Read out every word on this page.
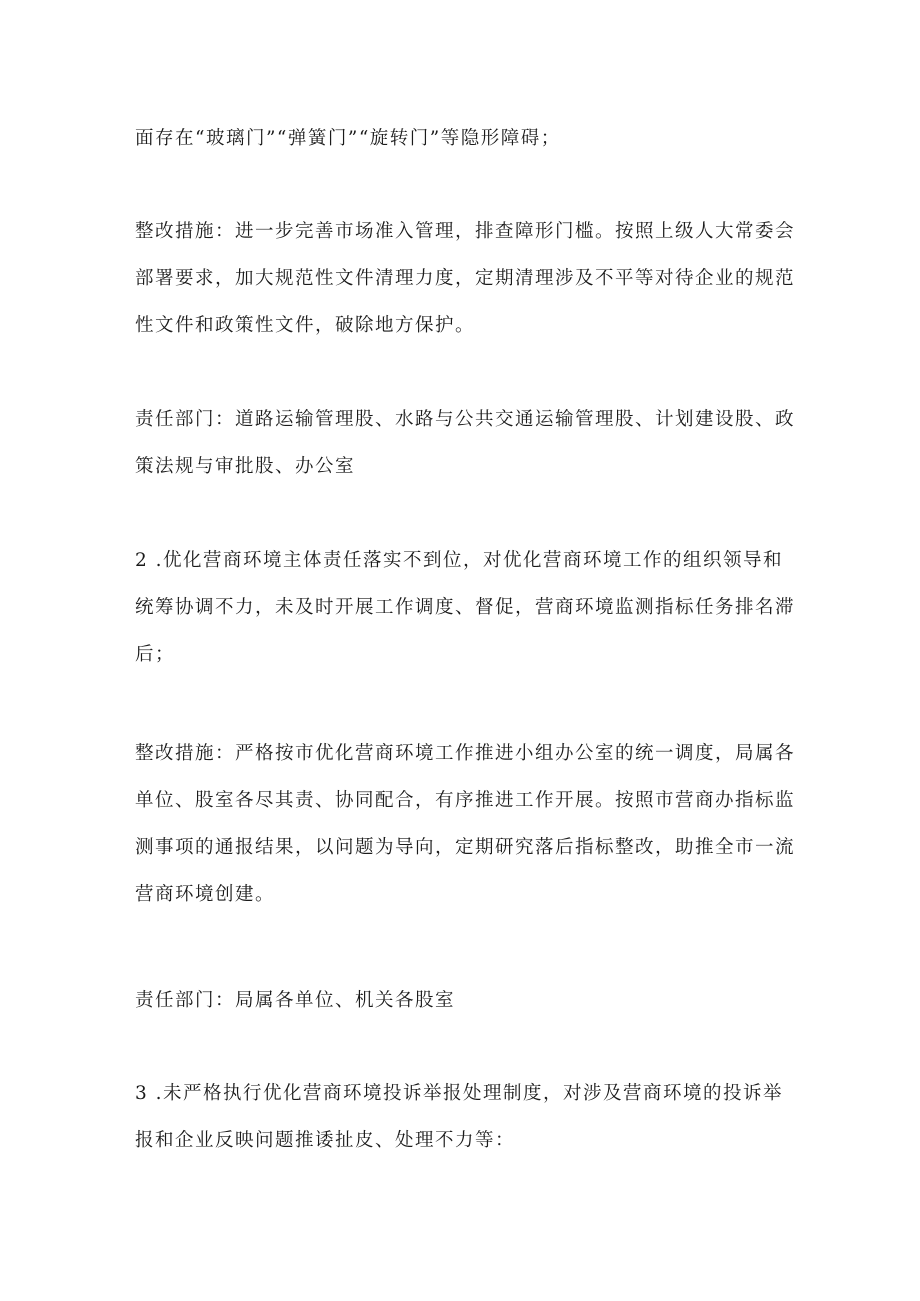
面存在“玻璃门”“弹簧门”“旋转门”等隐形障碍；

整改措施：进一步完善市场准入管理，排查障形门槛。按照上级人大常委会部署要求，加大规范性文件清理力度，定期清理涉及不平等对待企业的规范性文件和政策性文件，破除地方保护。

责任部门：道路运输管理股、水路与公共交通运输管理股、计划建设股、政策法规与审批股、办公室

2 .优化营商环境主体责任落实不到位，对优化营商环境工作的组织领导和统筹协调不力，未及时开展工作调度、督促，营商环境监测指标任务排名滞后；

整改措施：严格按市优化营商环境工作推进小组办公室的统一调度，局属各单位、股室各尽其责、协同配合，有序推进工作开展。按照市营商办指标监测事项的通报结果，以问题为导向，定期研究落后指标整改，助推全市一流营商环境创建。

责任部门：局属各单位、机关各股室

3 .未严格执行优化营商环境投诉举报处理制度，对涉及营商环境的投诉举报和企业反映问题推诿扯皮、处理不力等：
